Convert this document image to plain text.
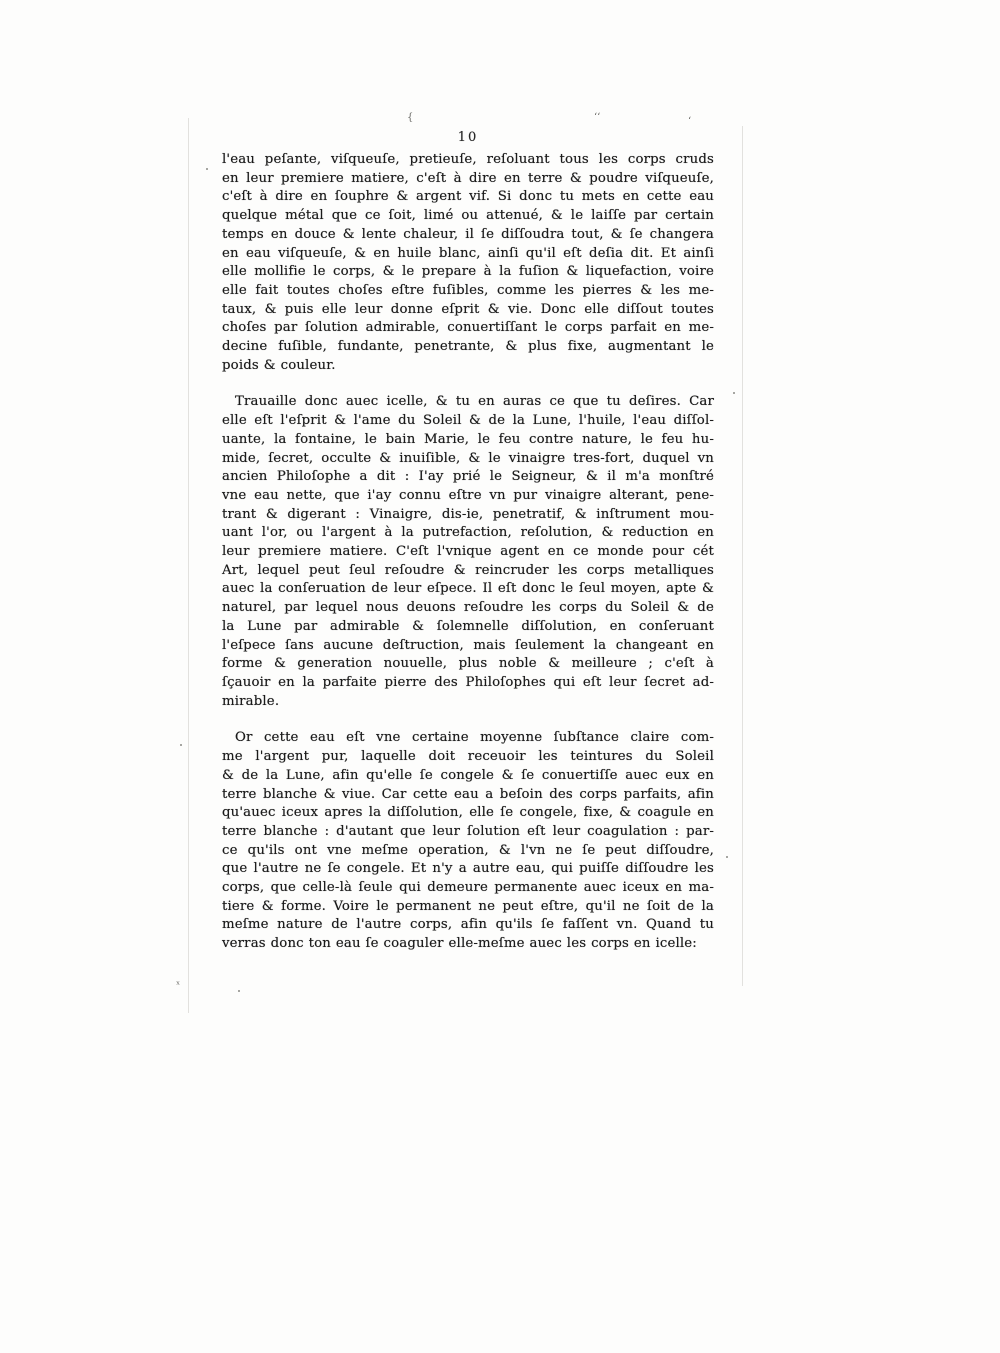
10
l'eau peſante, viſqueuſe, pretieuſe, reſoluant tous les corps cruds
en leur premiere matiere, c'eſt à dire en terre & poudre viſqueuſe,
c'eſt à dire en ſouphre & argent vif. Si donc tu mets en cette eau
quelque métal que ce ſoit, limé ou attenué, & le laiſſe par certain
temps en douce & lente chaleur, il ſe diſſoudra tout, & ſe changera
en eau viſqueuſe, & en huile blanc, ainſi qu'il eſt deſia dit. Et ainſi
elle mollifie le corps, & le prepare à la fuſion & liquefaction, voire
elle fait toutes choſes eſtre fuſibles, comme les pierres & les me-
taux, & puis elle leur donne eſprit & vie. Donc elle diſſout toutes
choſes par ſolution admirable, conuertiſſant le corps parfait en me-
decine fuſible, fundante, penetrante, & plus fixe, augmentant le
poids & couleur.
Trauaille donc auec icelle, & tu en auras ce que tu deſires. Car
elle eſt l'eſprit & l'ame du Soleil & de la Lune, l'huile, l'eau diſſol-
uante, la fontaine, le bain Marie, le feu contre nature, le feu hu-
mide, ſecret, occulte & inuiſible, & le vinaigre tres-fort, duquel vn
ancien Philoſophe a dit : I'ay prié le Seigneur, & il m'a monſtré
vne eau nette, que i'ay connu eſtre vn pur vinaigre alterant, pene-
trant & digerant : Vinaigre, dis-ie, penetratif, & inſtrument mou-
uant l'or, ou l'argent à la putrefaction, reſolution, & reduction en
leur premiere matiere. C'eſt l'vnique agent en ce monde pour cét
Art, lequel peut ſeul reſoudre & reincruder les corps metalliques
auec la conſeruation de leur eſpece. Il eſt donc le ſeul moyen, apte &
naturel, par lequel nous deuons reſoudre les corps du Soleil & de
la Lune par admirable & ſolemnelle diſſolution, en conſeruant
l'eſpece ſans aucune deſtruction, mais ſeulement la changeant en
forme & generation nouuelle, plus noble & meilleure ; c'eſt à
ſçauoir en la parfaite pierre des Philoſophes qui eſt leur ſecret ad-
mirable.
Or cette eau eſt vne certaine moyenne ſubſtance claire com-
me l'argent pur, laquelle doit receuoir les teintures du Soleil
& de la Lune, afin qu'elle ſe congele & ſe conuertiſſe auec eux en
terre blanche & viue. Car cette eau a beſoin des corps parfaits, afin
qu'auec iceux apres la diſſolution, elle ſe congele, fixe, & coagule en
terre blanche : d'autant que leur ſolution eſt leur coagulation : par-
ce qu'ils ont vne meſme operation, & l'vn ne ſe peut diſſoudre,
que l'autre ne ſe congele. Et n'y a autre eau, qui puiſſe diſſoudre les
corps, que celle-là ſeule qui demeure permanente auec iceux en ma-
tiere & forme. Voire le permanent ne peut eſtre, qu'il ne ſoit de la
meſme nature de l'autre corps, afin qu'ils ſe faſſent vn. Quand tu
verras donc ton eau ſe coaguler elle-meſme auec les corps en icelle:
{	ʻʻ	ʻ
ˣ
